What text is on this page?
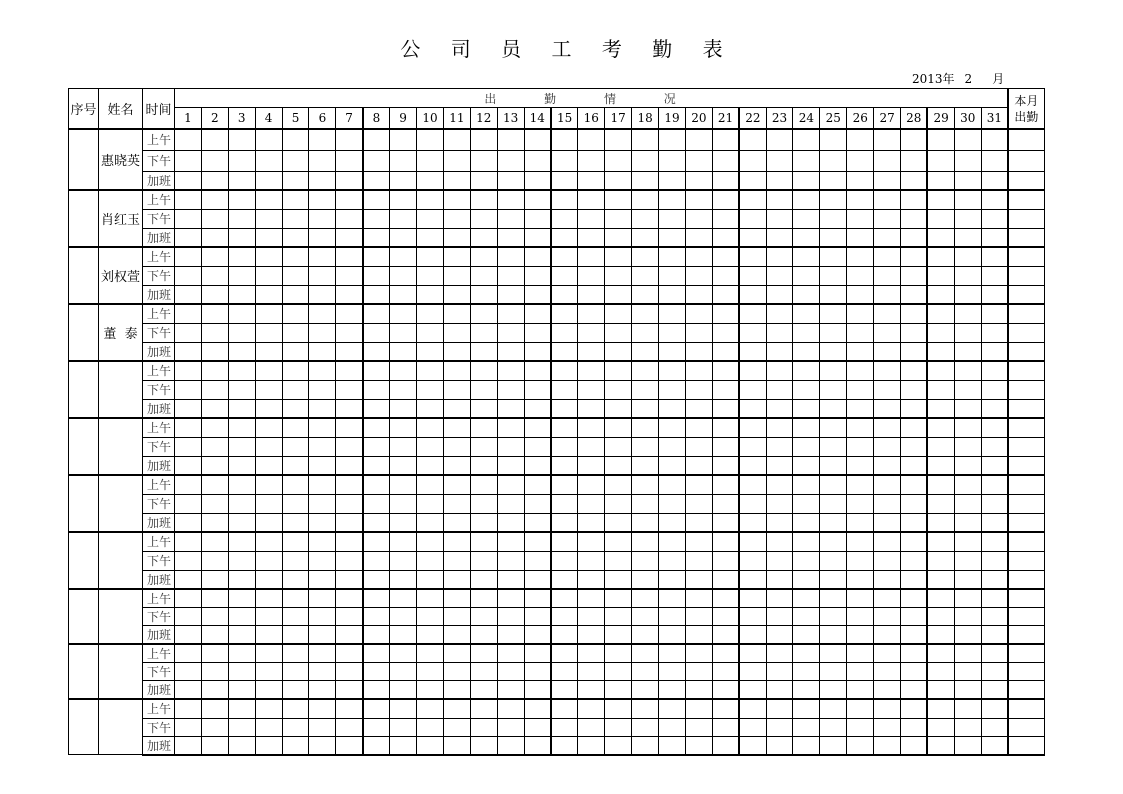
公 司 员 工 考 勤 表
2013年 2 月
序号	姓名	时间	出 勤 情 况																															本月出勤
			1	2	3	4	5	6	7	8	9	10	11	12	13	14	15	16	17	18	19	20	21	22	23	24	25	26	27	28	29	30	31	
	惠晓英	上午																																
		下午																																
		加班																																
	肖红玉	上午																																
		下午																																
		加班																																
	刘权萱	上午																																
		下午																																
		加班																																
	董  泰	上午																																
		下午																																
		加班																																
		上午																																
		下午																																
		加班																																
		上午																																
		下午																																
		加班																																
		上午																																
		下午																																
		加班																																
		上午																																
		下午																																
		加班																																
		上午																																
		下午																																
		加班																																
		上午																																
		下午																																
		加班																																
		上午																																
		下午																																
		加班																																
